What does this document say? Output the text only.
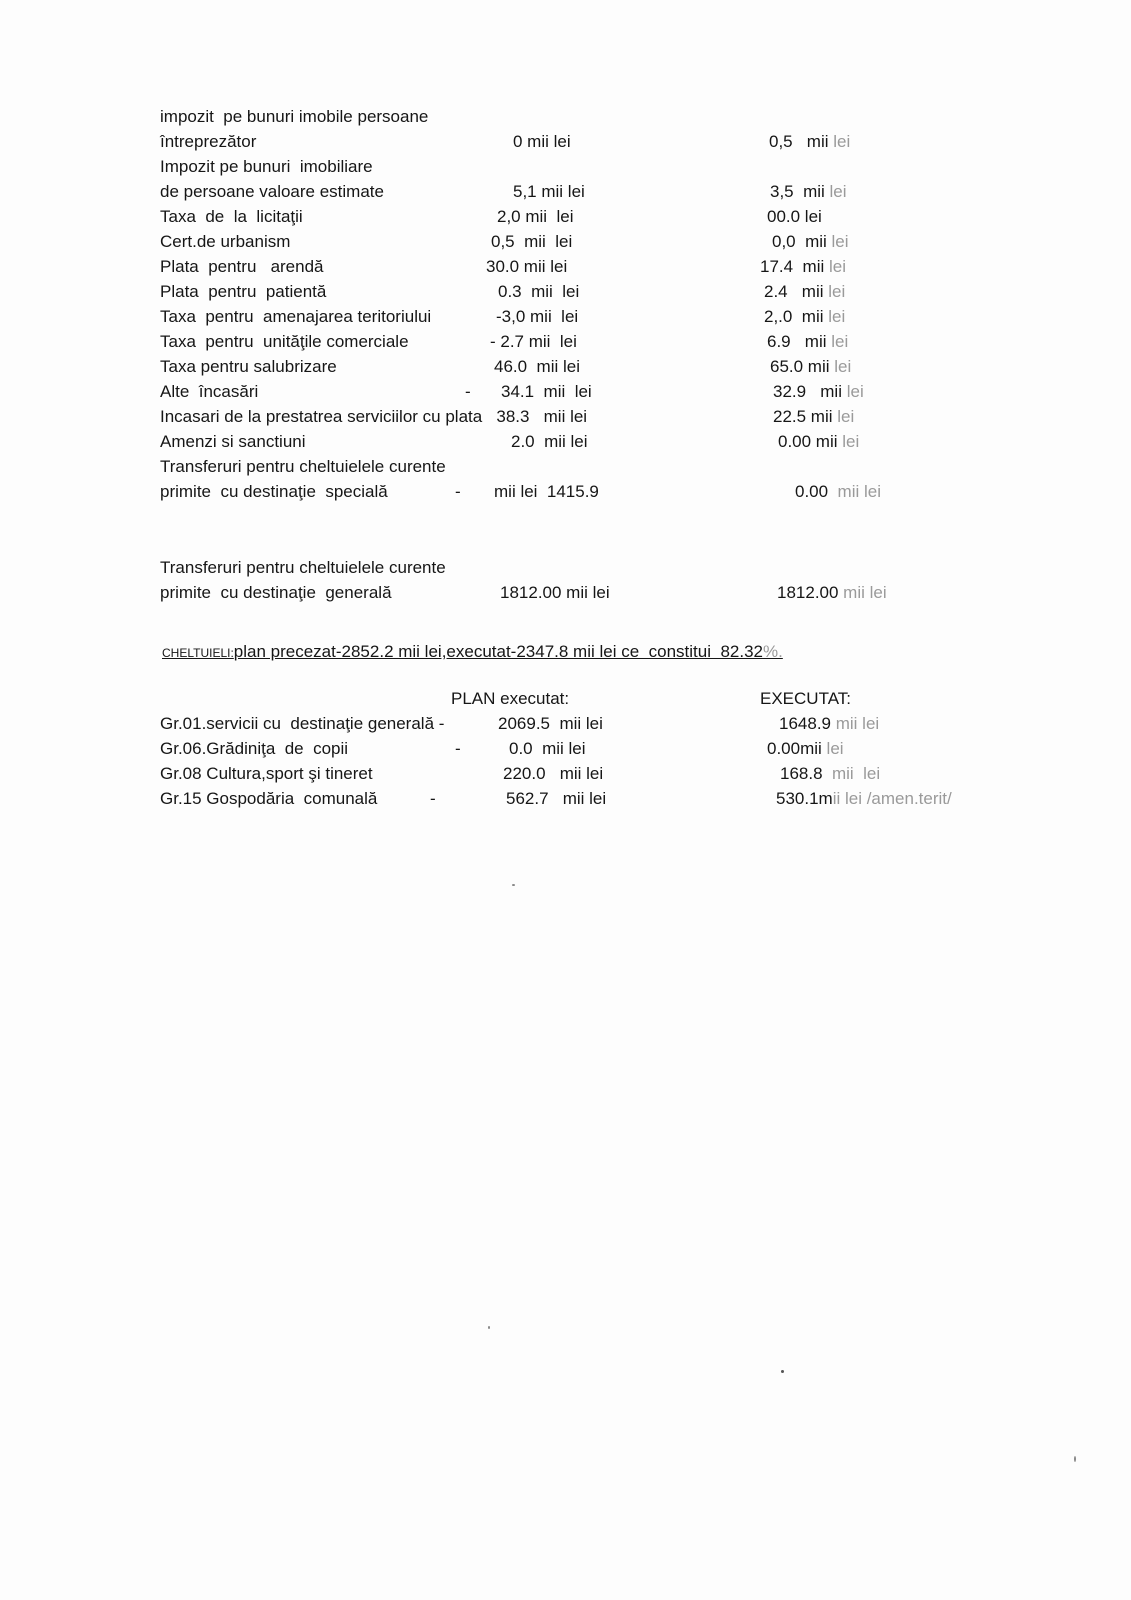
impozit  pe bunuri imobile persoane
întreprezător	0 mii lei	0,5   mii lei
Impozit pe bunuri  imobiliare
de persoane valoare estimate	5,1 mii lei	3,5  mii lei
Taxa  de  la  licitaţii	2,0 mii  lei	00.0 lei
Cert.de urbanism	0,5  mii  lei	0,0  mii lei
Plata  pentru   arendă	30.0 mii lei	17.4  mii lei
Plata  pentru  patientă	0.3  mii  lei	2.4   mii lei
Taxa  pentru  amenajarea teritoriului	-3,0 mii  lei	2,.0  mii lei
Taxa  pentru  unităţile comerciale	- 2.7 mii  lei	6.9   mii lei
Taxa pentru salubrizare	46.0  mii lei	65.0 mii lei
Alte  încasări	- 34.1  mii  lei	32.9   mii lei
Incasari de la prestatrea serviciilor cu plata   38.3   mii lei	22.5 mii lei
Amenzi si sanctiuni	2.0  mii lei	0.00 mii lei
Transferuri pentru cheltuielele curente
primite  cu destinaţie  specială	- mii lei  1415.9	0.00  mii lei
Transferuri pentru cheltuielele curente
primite  cu destinaţie  generală	1812.00 mii lei	1812.00 mii lei
CHELTUIELI:plan precezat-2852.2 mii lei,executat-2347.8 mii lei ce  constitui  82.32%.
PLAN executat:	EXECUTAT:
Gr.01.servicii cu  destinaţie generală -	2069.5  mii lei	1648.9 mii lei
Gr.06.Grădiniţa  de  copii	-	0.0  mii lei	0.00mii lei
Gr.08 Cultura,sport şi tineret	220.0   mii lei	168.8  mii  lei
Gr.15 Gospodăria  comunală	-	562.7   mii lei	530.1mii lei /amen.terit/
